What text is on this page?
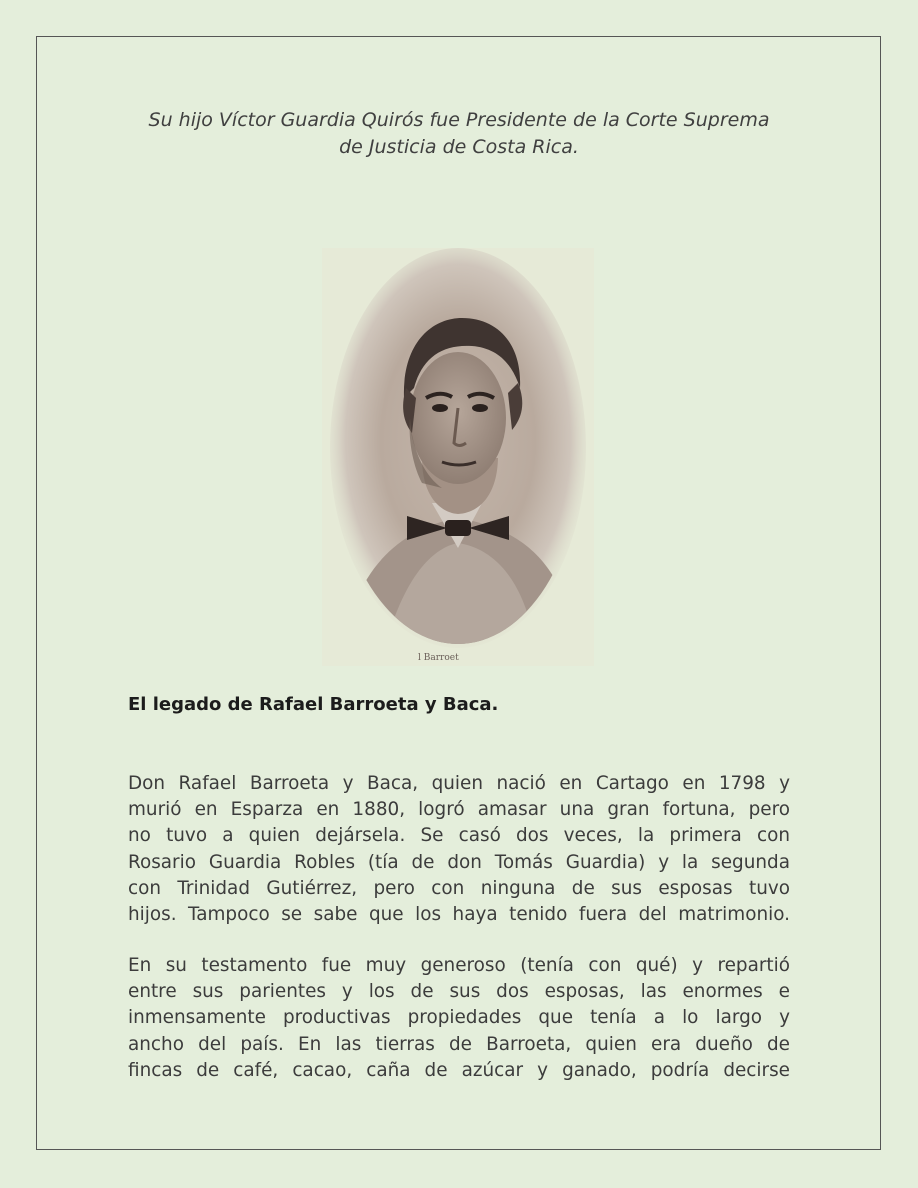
Su hijo Víctor Guardia Quirós fue Presidente de la Corte Suprema
de Justicia de Costa Rica.

l Barroet
El legado de Rafael Barroeta y Baca.

Don Rafael Barroeta y Baca, quien nació en Cartago en 1798 y
murió en Esparza en 1880, logró amasar una gran fortuna, pero
no tuvo a quien dejársela. Se casó dos veces, la primera con
Rosario Guardia Robles (tía de don Tomás Guardia) y la segunda
con Trinidad Gutiérrez, pero con ninguna de sus esposas tuvo
hijos. Tampoco se sabe que los haya tenido fuera del matrimonio.

En su testamento fue muy generoso (tenía con qué) y repartió
entre sus parientes y los de sus dos esposas, las enormes e
inmensamente productivas propiedades que tenía a lo largo y
ancho del país. En las tierras de Barroeta, quien era dueño de
fincas de café, cacao, caña de azúcar y ganado, podría decirse
